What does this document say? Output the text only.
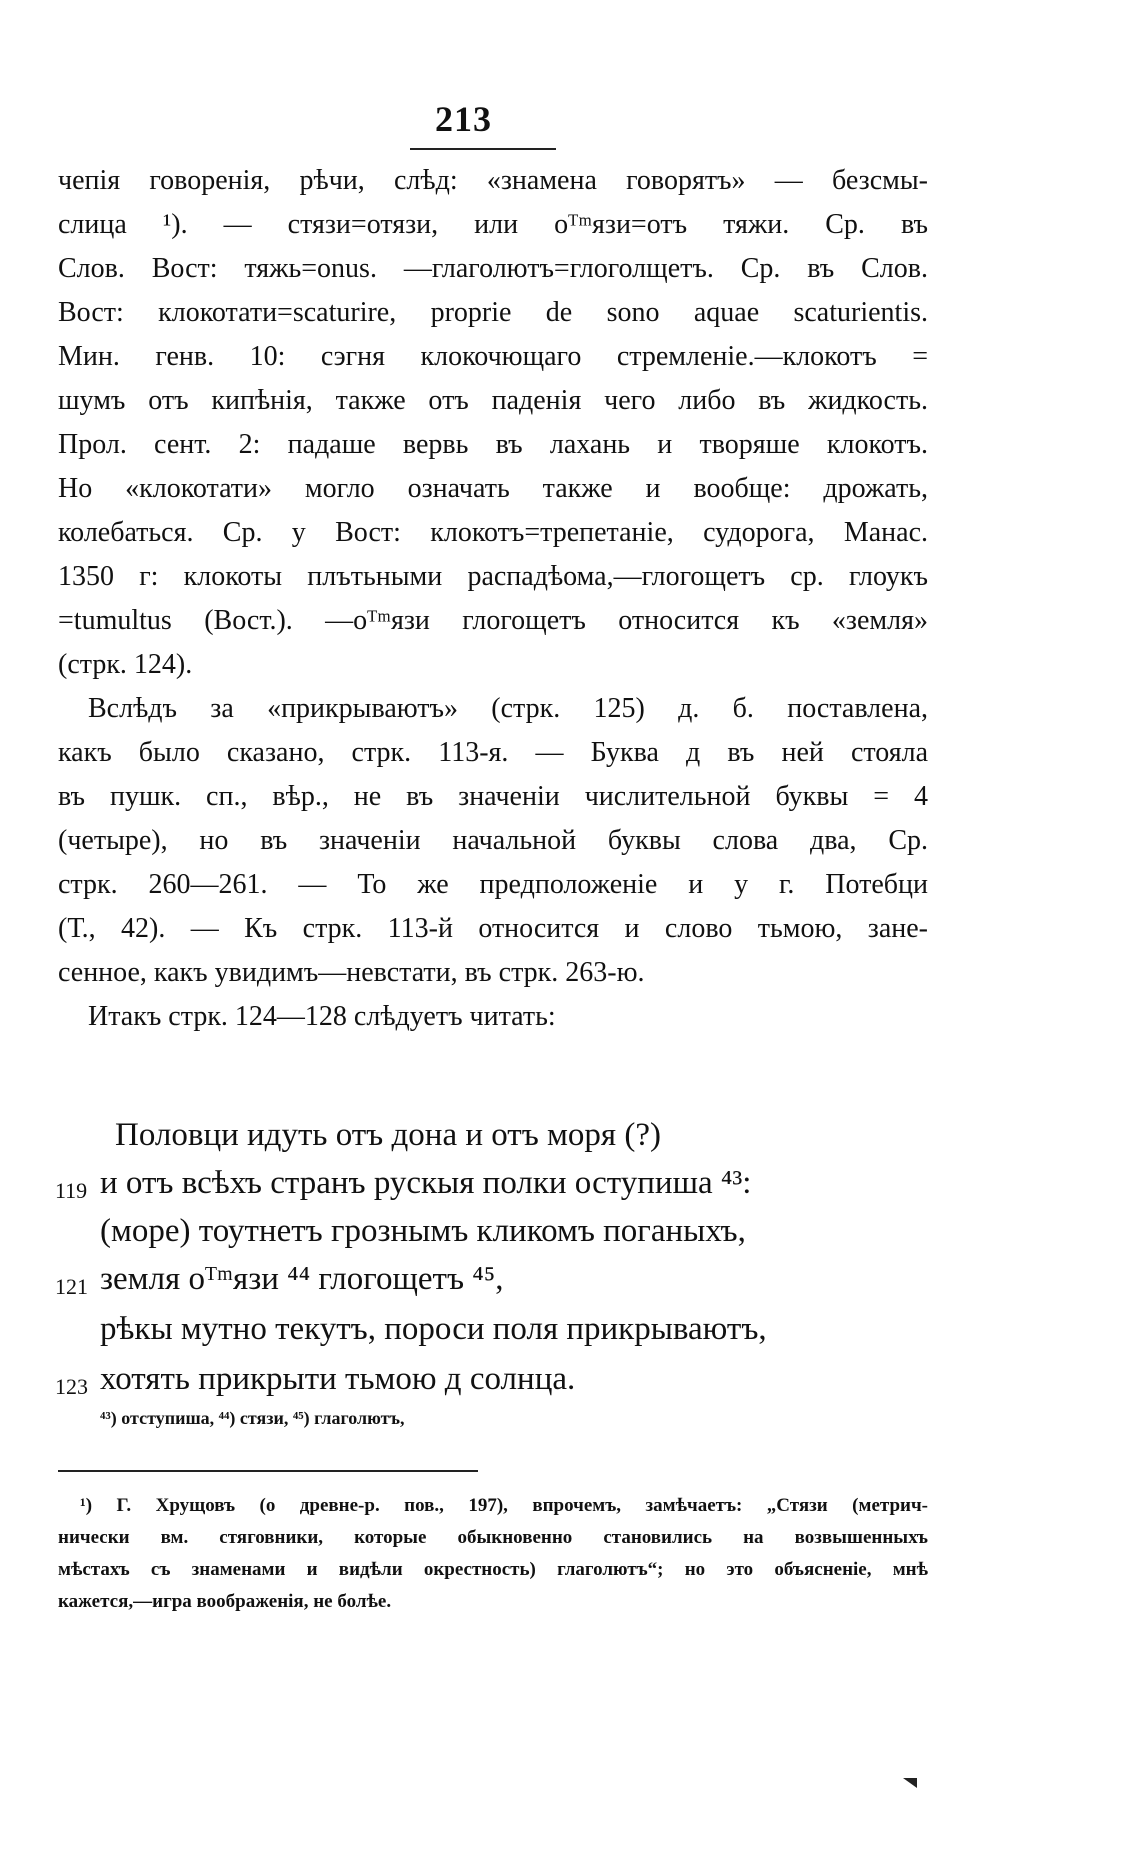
213
чепія говоренія, рѣчи, слѣд: «знамена говорятъ» — безсмы-
слица ¹). — стязи=отязи, или оᵀᵐязи=отъ тяжи. Ср. въ
Слов. Вост: тяжь=onus. —глаголютъ=глоголщетъ. Ср. въ Слов.
Вост: клокотати=scaturire, proprie de sono aquae scaturientis.
Мин. генв. 10: сэгня клокочющаго стремленіе.—клокотъ =
шумъ отъ кипѣнія, также отъ паденія чего либо въ жидкость.
Прол. сент. 2: падаше вервь въ лахань и творяше клокотъ.
Но «клокотати» могло означать также и вообще: дрожать,
колебаться. Ср. у Вост: клокотъ=трепетаніе, судорога, Манас.
1350 г: клокоты плътьными распадѣома,—глогощетъ ср. глоукъ
=tumultus (Вост.). —оᵀᵐязи глогощетъ относится къ «земля»
(стрк. 124).
Вслѣдъ за «прикрываютъ» (стрк. 125) д. б. поставлена,
какъ было сказано, стрк. 113-я. — Буква д въ ней стояла
въ пушк. сп., вѣр., не въ значеніи числительной буквы = 4
(четыре), но въ значеніи начальной буквы слова два, Ср.
стрк. 260—261. — То же предположеніе и у г. Потебци
(Т., 42). — Къ стрк. 113-й относится и слово тьмою, зане-
сенное, какъ увидимъ—невстати, въ стрк. 263-ю.
Итакъ стрк. 124—128 слѣдуетъ читать:
Половци идуть отъ дона и отъ моря (?)
119 и отъ всѣхъ странъ рускыя полки оступиша ⁴³:
(море) тоутнетъ грознымъ кликомъ поганыхъ,
121 земля оᵀᵐязи ⁴⁴ глогощетъ ⁴⁵,
рѣкы мутно текутъ, пороси поля прикрываютъ,
123 хотять прикрыти тьмою д солнца.
⁴³) отступиша, ⁴⁴) стязи, ⁴⁵) глаголютъ,
¹) Г. Хрущовъ (о древне-р. пов., 197), впрочемъ, замѣчаетъ: „Стязи (метрич-
нически вм. стяговники, которые обыкновенно становились на возвышенныхъ
мѣстахъ съ знаменами и видѣли окрестность) глаголютъ“; но это объясненіе, мнѣ
кажется,—игра воображенія, не болѣе.
